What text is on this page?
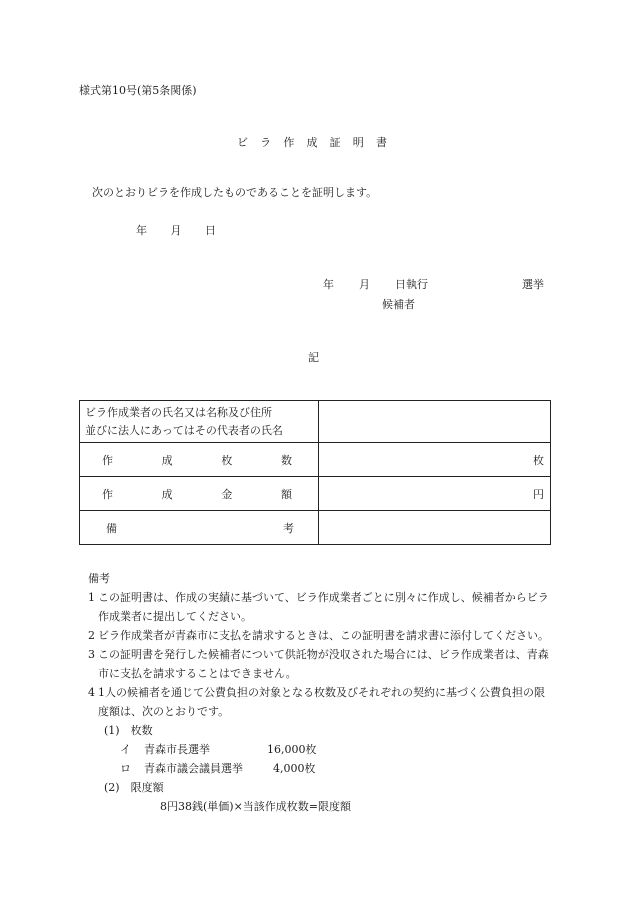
様式第10号(第5条関係)
ビ ラ 作 成 証 明 書
次のとおりビラを作成したものであることを証明します。
年 月 日
年 月 日執行	選挙
候補者
記
ビラ作成業者の氏名又は名称及び住所
並びに法人にあってはその代表者の氏名	

作 成 枚 数	枚

作 成 金 額	円

備 考	

備考
1 この証明書は、作成の実績に基づいて、ビラ作成業者ごとに別々に作成し、候補者からビラ作成業者に提出してください。
2 ビラ作成業者が青森市に支払を請求するときは、この証明書を請求書に添付してください。
3 この証明書を発行した候補者について供託物が没収された場合には、ビラ作成業者は、青森市に支払を請求することはできません。
4 1人の候補者を通じて公費負担の対象となる枚数及びそれぞれの契約に基づく公費負担の限度額は、次のとおりです。
(1)　枚数
イ 青森市長選挙	16,000枚
ロ 青森市議会議員選挙	4,000枚
(2)　限度額
8円38銭(単価)×当該作成枚数=限度額
